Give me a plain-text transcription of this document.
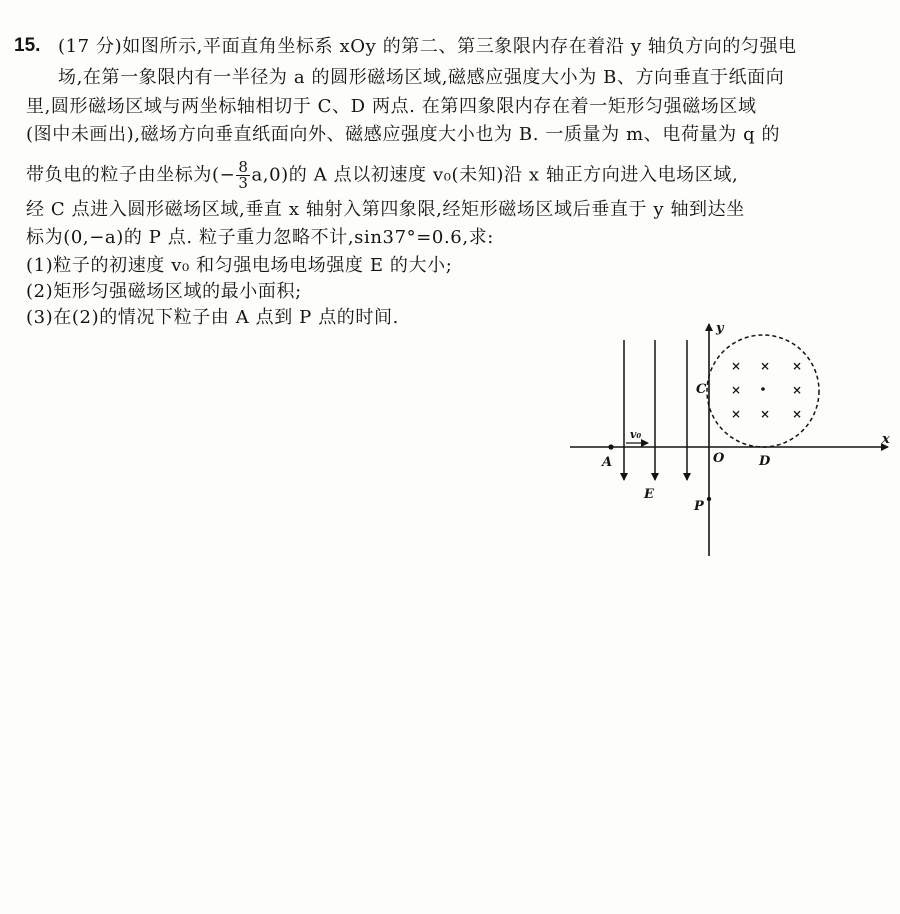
15. (17 分)如图所示,平面直角坐标系 xOy 的第二、第三象限内存在着沿 y 轴负方向的匀强电
场,在第一象限内有一半径为 a 的圆形磁场区域,磁感应强度大小为 B、方向垂直于纸面向
里,圆形磁场区域与两坐标轴相切于 C、D 两点. 在第四象限内存在着一矩形匀强磁场区域
(图中未画出),磁场方向垂直纸面向外、磁感应强度大小也为 B. 一质量为 m、电荷量为 q 的
带负电的粒子由坐标为(− $\frac{8}{3} a,0$)的 A 点以初速度 v₀(未知)沿 x 轴正方向进入电场区域,
经 C 点进入圆形磁场区域,垂直 x 轴射入第四象限,经矩形磁场区域后垂直于 y 轴到达坐
标为(0,−a)的 P 点. 粒子重力忽略不计,sin37°=0.6,求:
(1)粒子的初速度 v₀ 和匀强电场电场强度 E 的大小;
(2)矩形匀强磁场区域的最小面积;
(3)在(2)的情况下粒子由 A 点到 P 点的时间.
× × ×
×	×
× × ×
x
y
O
A
C
D
P
E
v₀
